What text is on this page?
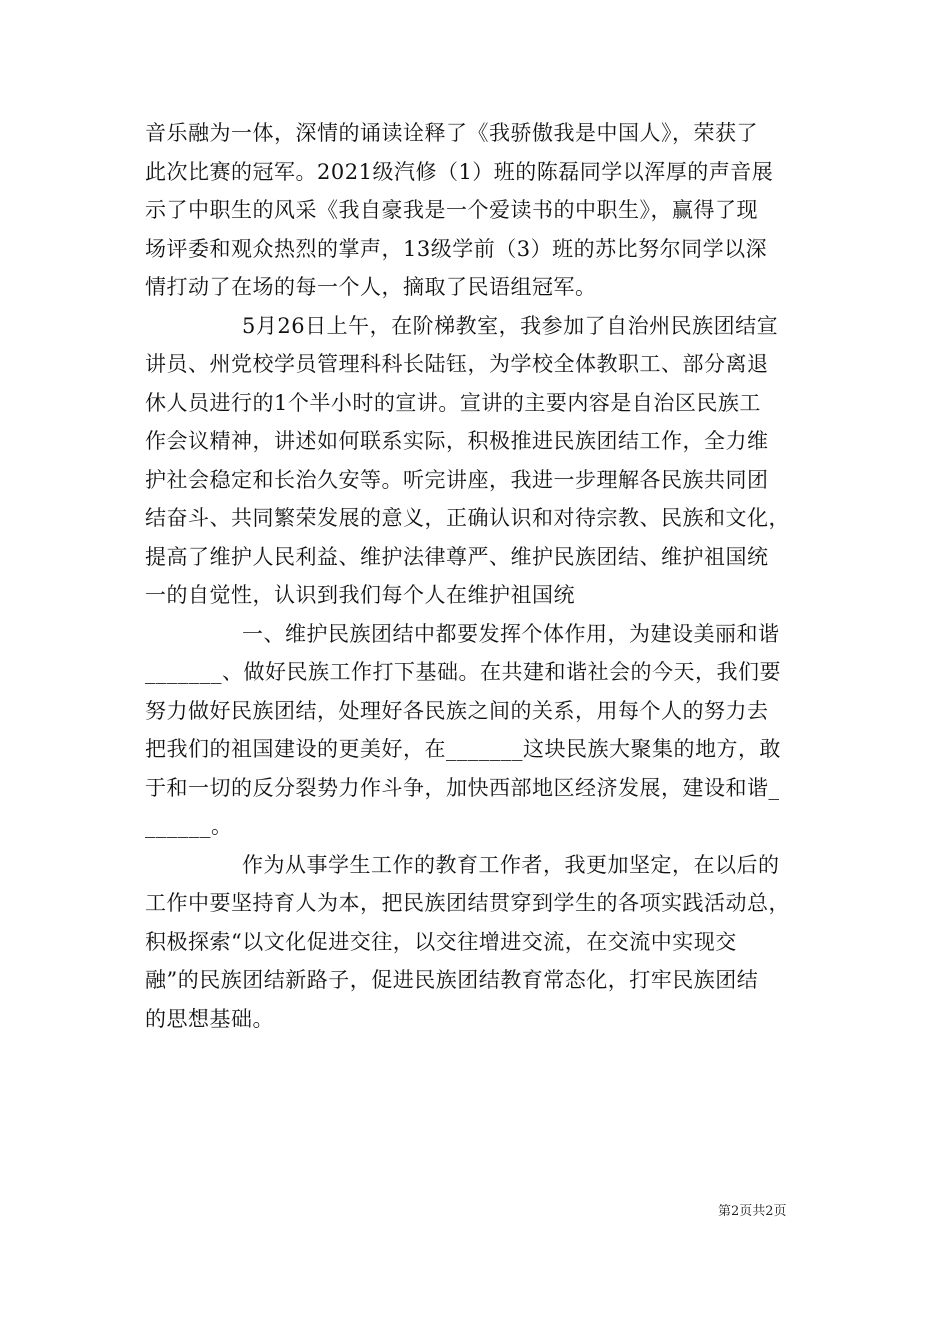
音乐融为一体，深情的诵读诠释了《我骄傲我是中国人》，荣获了
此次比赛的冠军。2021级汽修（1）班的陈磊同学以浑厚的声音展
示了中职生的风采《我自豪我是一个爱读书的中职生》，赢得了现
场评委和观众热烈的掌声，13级学前（3）班的苏比努尔同学以深
情打动了在场的每一个人，摘取了民语组冠军。
5月26日上午，在阶梯教室，我参加了自治州民族团结宣
讲员、州党校学员管理科科长陆钰，为学校全体教职工、部分离退
休人员进行的1个半小时的宣讲。宣讲的主要内容是自治区民族工
作会议精神，讲述如何联系实际，积极推进民族团结工作，全力维
护社会稳定和长治久安等。听完讲座，我进一步理解各民族共同团
结奋斗、共同繁荣发展的意义，正确认识和对待宗教、民族和文化，
提高了维护人民利益、维护法律尊严、维护民族团结、维护祖国统
一的自觉性，认识到我们每个人在维护祖国统
一、维护民族团结中都要发挥个体作用，为建设美丽和谐
_______、做好民族工作打下基础。在共建和谐社会的今天，我们要
努力做好民族团结，处理好各民族之间的关系，用每个人的努力去
把我们的祖国建设的更美好，在_______这块民族大聚集的地方，敢
于和一切的反分裂势力作斗争，加快西部地区经济发展，建设和谐_
______。
作为从事学生工作的教育工作者，我更加坚定，在以后的
工作中要坚持育人为本，把民族团结贯穿到学生的各项实践活动总，
积极探索“以文化促进交往，以交往增进交流，在交流中实现交
融”的民族团结新路子，促进民族团结教育常态化，打牢民族团结
的思想基础。
第2页共2页
